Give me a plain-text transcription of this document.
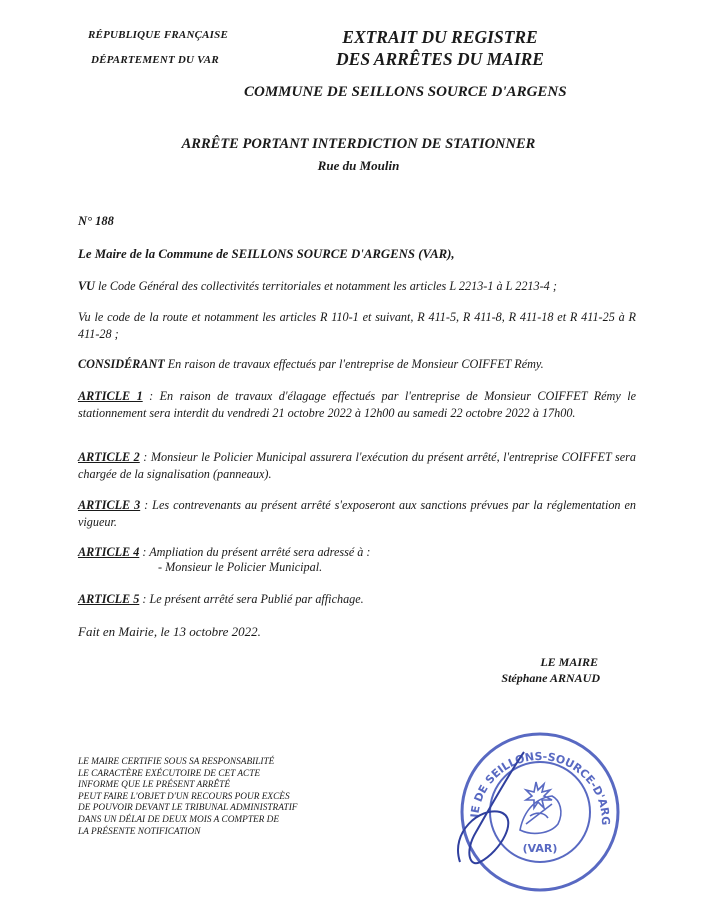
RÉPUBLIQUE FRANÇAISE
DÉPARTEMENT DU VAR
EXTRAIT DU REGISTRE
DES ARRÊTES DU MAIRE
COMMUNE DE SEILLONS SOURCE D'ARGENS
ARRÊTE PORTANT INTERDICTION DE STATIONNER
Rue du Moulin
N° 188
Le Maire de la Commune de SEILLONS SOURCE D'ARGENS (VAR),
VU le Code Général des collectivités territoriales et notamment les articles L 2213-1 à L 2213-4 ;
Vu le code de la route et notamment les articles R 110-1 et suivant, R 411-5, R 411-8, R 411-18 et R 411-25 à R 411-28 ;
CONSIDÉRANT En raison de travaux effectués par l'entreprise de Monsieur COIFFET Rémy.
ARTICLE 1 : En raison de travaux d'élagage effectués par l'entreprise de Monsieur COIFFET Rémy le stationnement sera interdit du vendredi 21 octobre 2022 à 12h00 au samedi 22 octobre 2022 à 17h00.
ARTICLE 2 : Monsieur le Policier Municipal assurera l'exécution du présent arrêté, l'entreprise COIFFET sera chargée de la signalisation (panneaux).
ARTICLE 3 : Les contrevenants au présent arrêté s'exposeront aux sanctions prévues par la réglementation en vigueur.
ARTICLE 4 : Ampliation du présent arrêté sera adressé à :
- Monsieur le Policier Municipal.
ARTICLE 5 : Le présent arrêté sera Publié par affichage.
Fait en Mairie, le 13 octobre 2022.
LE MAIRE
Stéphane ARNAUD
LE MAIRE CERTIFIE SOUS SA RESPONSABILITÉ
LE CARACTÈRE EXÉCUTOIRE DE CET ACTE
INFORME QUE LE PRÉSENT ARRÊTÉ
PEUT FAIRE L'OBJET D'UN RECOURS POUR EXCÈS
DE POUVOIR DEVANT LE TRIBUNAL ADMINISTRATIF
DANS UN DÉLAI DE DEUX MOIS A COMPTER DE
LA PRÉSENTE NOTIFICATION
IE DE SEILLONS-SOURCE-D'ARG
(VAR)
